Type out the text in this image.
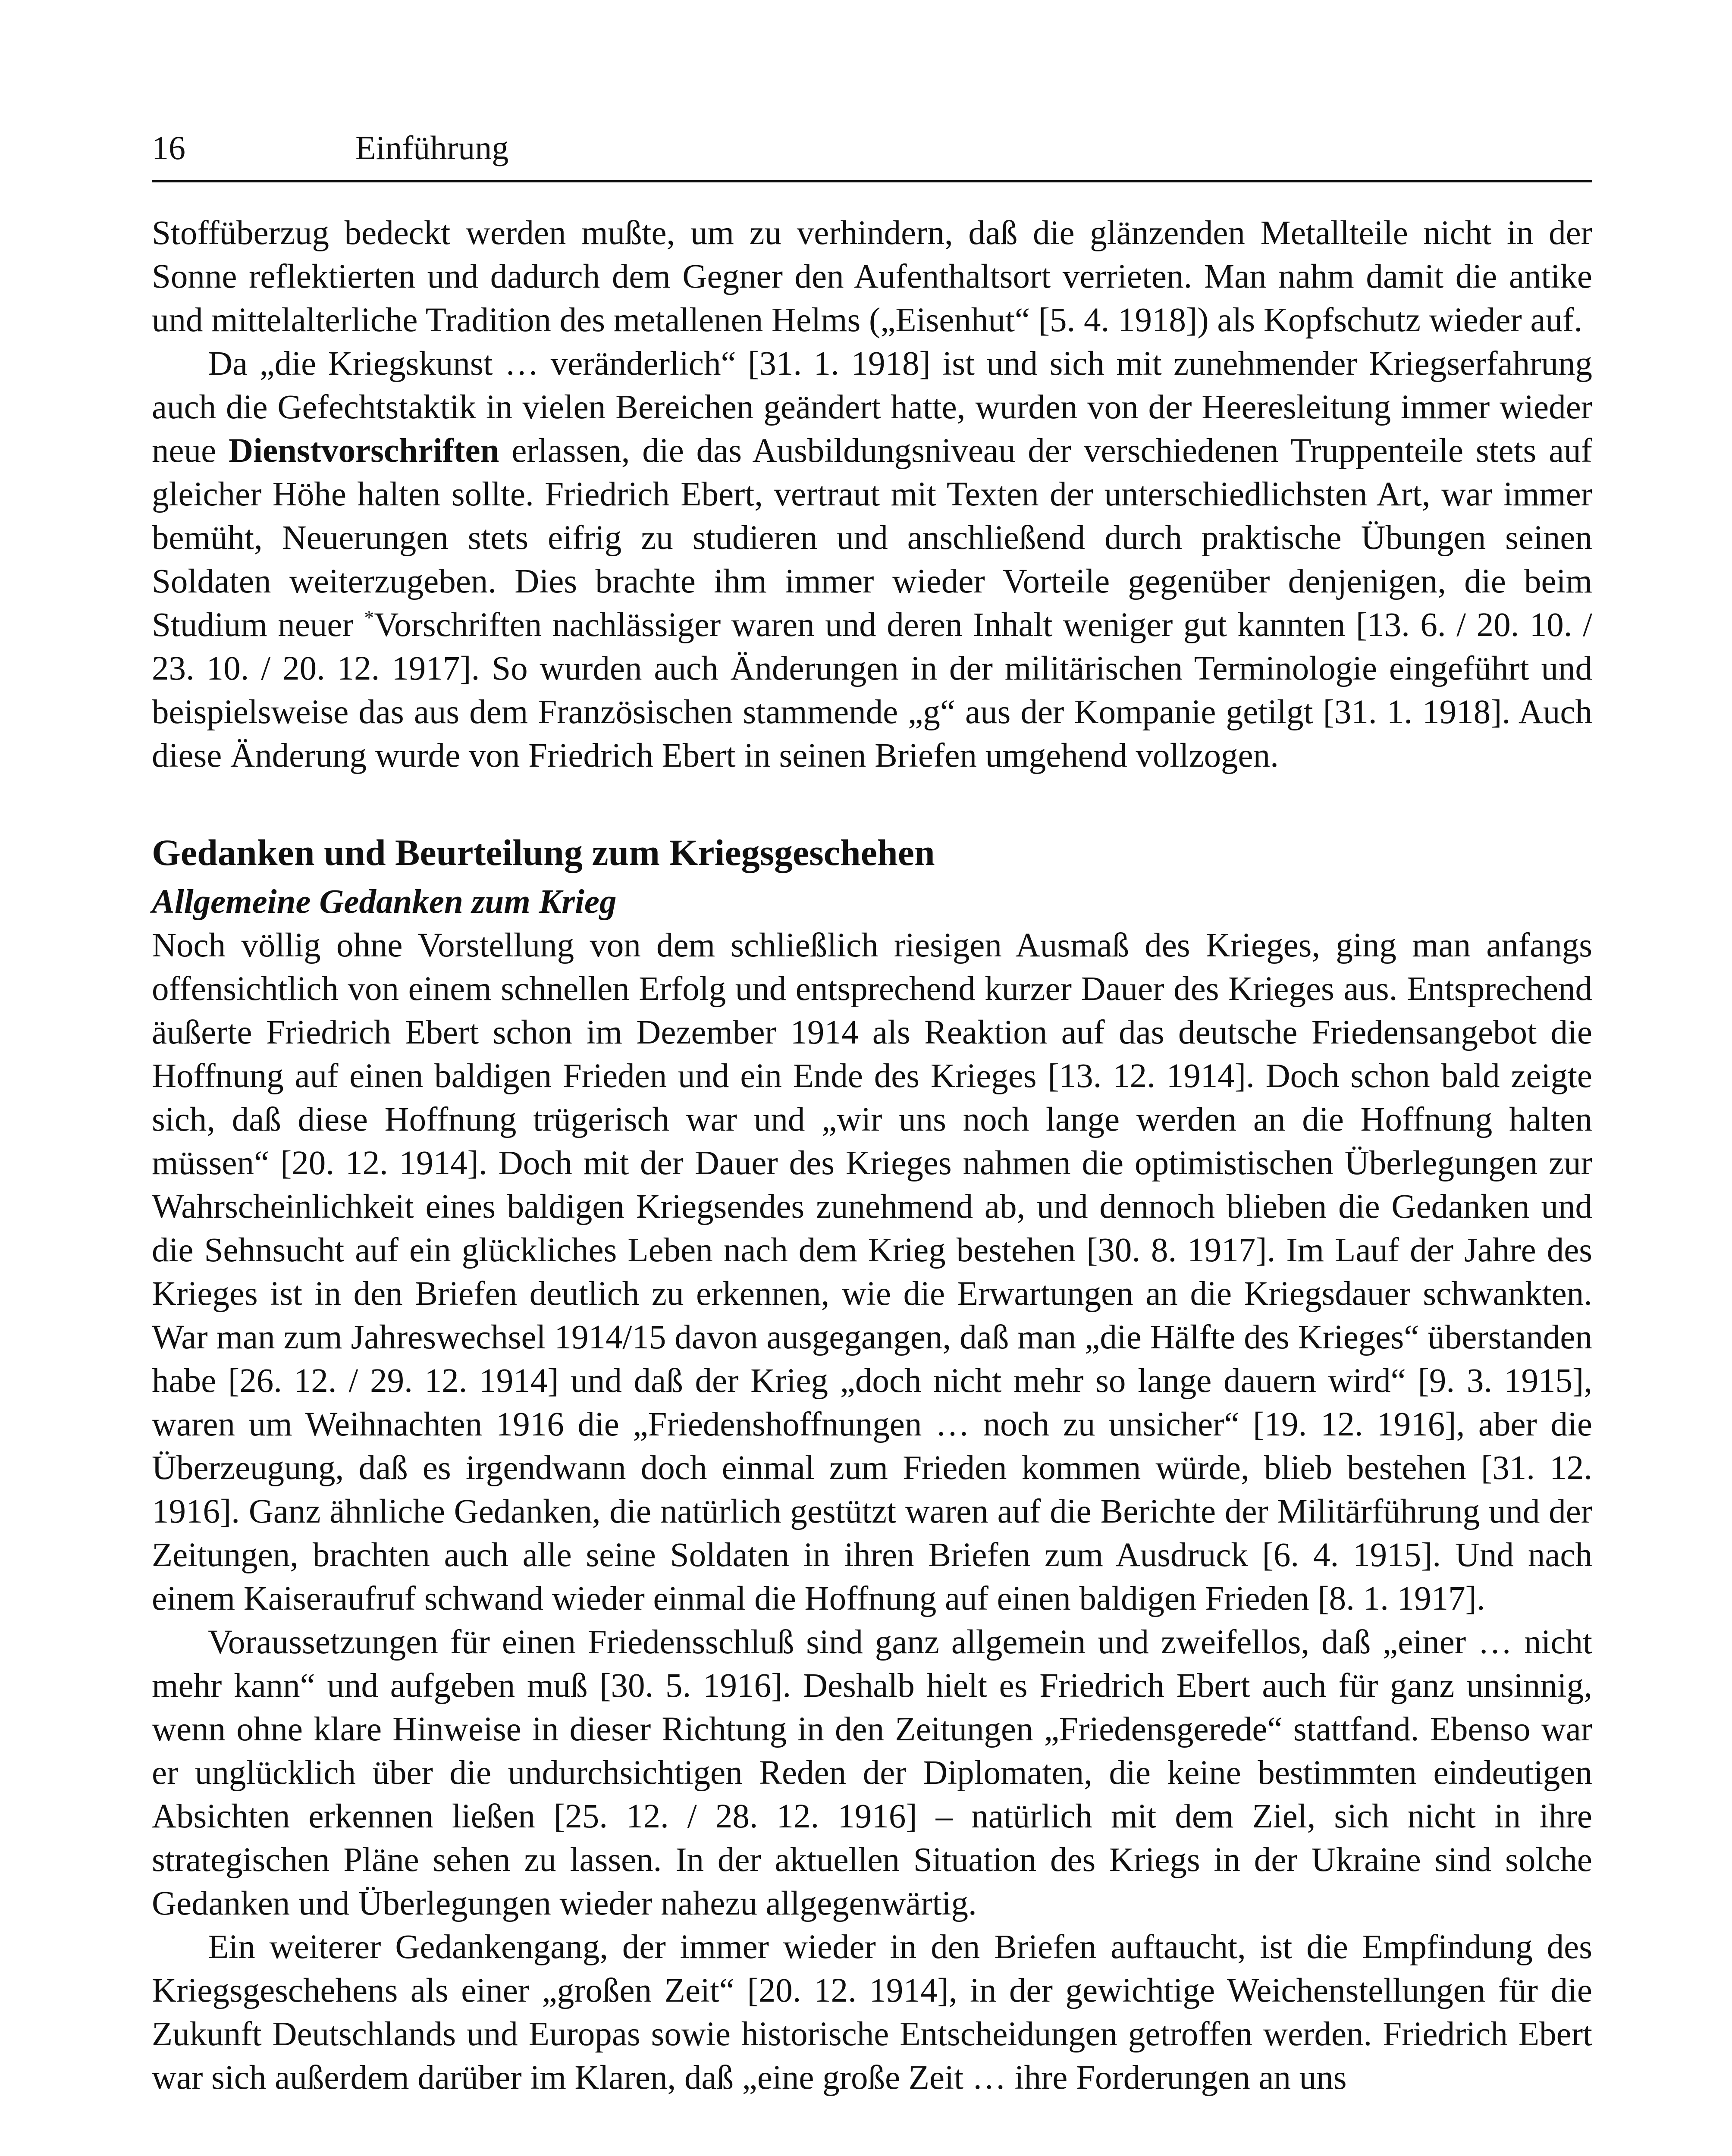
16	Einführung

Stoffüberzug bedeckt werden mußte, um zu verhindern, daß die glänzenden Metallteile nicht in der Sonne reflektierten und dadurch dem Gegner den Aufenthaltsort verrieten. Man nahm damit die antike und mittelalterliche Tradition des metallenen Helms („Eisenhut“ [5. 4. 1918]) als Kopfschutz wieder auf.

Da „die Kriegskunst … veränderlich“ [31. 1. 1918] ist und sich mit zunehmender Kriegserfahrung auch die Gefechtstaktik in vielen Bereichen geändert hatte, wurden von der Heeresleitung immer wieder neue Dienstvorschriften erlassen, die das Ausbildungsniveau der verschiedenen Truppenteile stets auf gleicher Höhe halten sollte. Friedrich Ebert, vertraut mit Texten der unterschiedlichsten Art, war immer bemüht, Neuerungen stets eifrig zu studieren und anschließend durch praktische Übungen seinen Soldaten weiterzugeben. Dies brachte ihm immer wieder Vorteile gegenüber denjenigen, die beim Studium neuer *Vorschriften nachlässiger waren und deren Inhalt weniger gut kannten [13. 6. / 20. 10. / 23. 10. / 20. 12. 1917]. So wurden auch Änderungen in der militärischen Terminologie eingeführt und beispielsweise das aus dem Französischen stammende „g“ aus der Kompanie getilgt [31. 1. 1918]. Auch diese Änderung wurde von Friedrich Ebert in seinen Briefen umgehend vollzogen.

Gedanken und Beurteilung zum Kriegsgeschehen
Allgemeine Gedanken zum Krieg

Noch völlig ohne Vorstellung von dem schließlich riesigen Ausmaß des Krieges, ging man anfangs offensichtlich von einem schnellen Erfolg und entsprechend kurzer Dauer des Krieges aus. Entsprechend äußerte Friedrich Ebert schon im Dezember 1914 als Reaktion auf das deutsche Friedensangebot die Hoffnung auf einen baldigen Frieden und ein Ende des Krieges [13. 12. 1914]. Doch schon bald zeigte sich, daß diese Hoffnung trügerisch war und „wir uns noch lange werden an die Hoffnung halten müssen“ [20. 12. 1914]. Doch mit der Dauer des Krieges nahmen die optimistischen Überlegungen zur Wahrscheinlichkeit eines baldigen Kriegsendes zunehmend ab, und dennoch blieben die Gedanken und die Sehnsucht auf ein glückliches Leben nach dem Krieg bestehen [30. 8. 1917]. Im Lauf der Jahre des Krieges ist in den Briefen deutlich zu erkennen, wie die Erwartungen an die Kriegsdauer schwankten. War man zum Jahreswechsel 1914/15 davon ausgegangen, daß man „die Hälfte des Krieges“ überstanden habe [26. 12. / 29. 12. 1914] und daß der Krieg „doch nicht mehr so lange dauern wird“ [9. 3. 1915], waren um Weihnachten 1916 die „Friedenshoffnungen … noch zu unsicher“ [19. 12. 1916], aber die Überzeugung, daß es irgendwann doch einmal zum Frieden kommen würde, blieb bestehen [31. 12. 1916]. Ganz ähnliche Gedanken, die natürlich gestützt waren auf die Berichte der Militärführung und der Zeitungen, brachten auch alle seine Soldaten in ihren Briefen zum Ausdruck [6. 4. 1915]. Und nach einem Kaiseraufruf schwand wieder einmal die Hoffnung auf einen baldigen Frieden [8. 1. 1917].

Voraussetzungen für einen Friedensschluß sind ganz allgemein und zweifellos, daß „einer … nicht mehr kann“ und aufgeben muß [30. 5. 1916]. Deshalb hielt es Friedrich Ebert auch für ganz unsinnig, wenn ohne klare Hinweise in dieser Richtung in den Zeitungen „Friedensgerede“ stattfand. Ebenso war er unglücklich über die undurchsichtigen Reden der Diplomaten, die keine bestimmten eindeutigen Absichten erkennen ließen [25. 12. / 28. 12. 1916] – natürlich mit dem Ziel, sich nicht in ihre strategischen Pläne sehen zu lassen. In der aktuellen Situation des Kriegs in der Ukraine sind solche Gedanken und Überlegungen wieder nahezu allgegenwärtig.

Ein weiterer Gedankengang, der immer wieder in den Briefen auftaucht, ist die Empfindung des Kriegsgeschehens als einer „großen Zeit“ [20. 12. 1914], in der gewichtige Weichenstellungen für die Zukunft Deutschlands und Europas sowie historische Entscheidungen getroffen werden. Friedrich Ebert war sich außerdem darüber im Klaren, daß „eine große Zeit … ihre Forderungen an uns
